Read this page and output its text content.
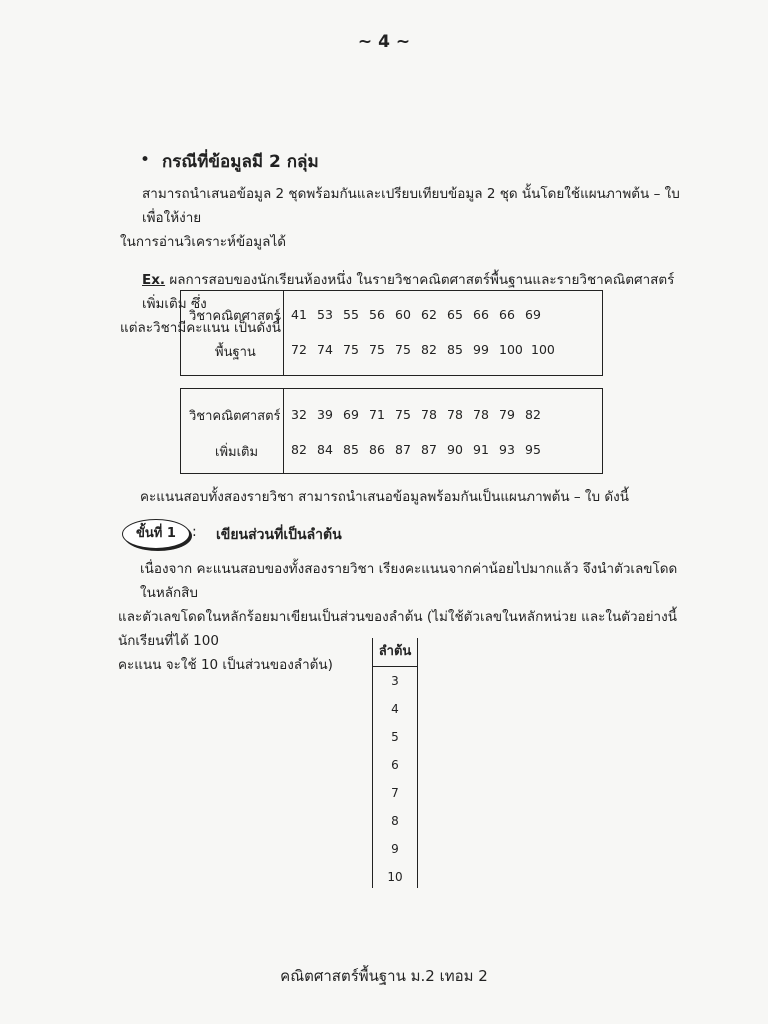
~ 4 ~
• กรณีที่ข้อมูลมี 2 กลุ่ม
สามารถนำเสนอข้อมูล 2 ชุดพร้อมกันและเปรียบเทียบข้อมูล 2 ชุด นั้นโดยใช้แผนภาพต้น – ใบ เพื่อให้ง่าย
ในการอ่านวิเคราะห์ข้อมูลได้
Ex. ผลการสอบของนักเรียนห้องหนึ่ง ในรายวิชาคณิตศาสตร์พื้นฐานและรายวิชาคณิตศาสตร์เพิ่มเติม ซึ่ง
แต่ละวิชามีคะแนน เป็นดังนี้
วิชาคณิตศาสตร์
พื้นฐาน
41 53 55 56 60 62 65 66 66 69
72 74 75 75 75 82 85 99 100 100
วิชาคณิตศาสตร์
เพิ่มเติม
32 39 69 71 75 78 78 78 79 82
82 84 85 86 87 87 90 91 93 95
คะแนนสอบทั้งสองรายวิชา สามารถนำเสนอข้อมูลพร้อมกันเป็นแผนภาพต้น – ใบ ดังนี้
ขั้นที่ 1	: เขียนส่วนที่เป็นลำต้น
เนื่องจาก คะแนนสอบของทั้งสองรายวิชา เรียงคะแนนจากค่าน้อยไปมากแล้ว จึงนำตัวเลขโดดในหลักสิบ
และตัวเลขโดดในหลักร้อยมาเขียนเป็นส่วนของลำต้น (ไม่ใช้ตัวเลขในหลักหน่วย และในตัวอย่างนี้นักเรียนที่ได้ 100
คะแนน จะใช้ 10 เป็นส่วนของลำต้น)
ลำต้น
3
4
5
6
7
8
9
10
คณิตศาสตร์พื้นฐาน ม.2 เทอม 2
